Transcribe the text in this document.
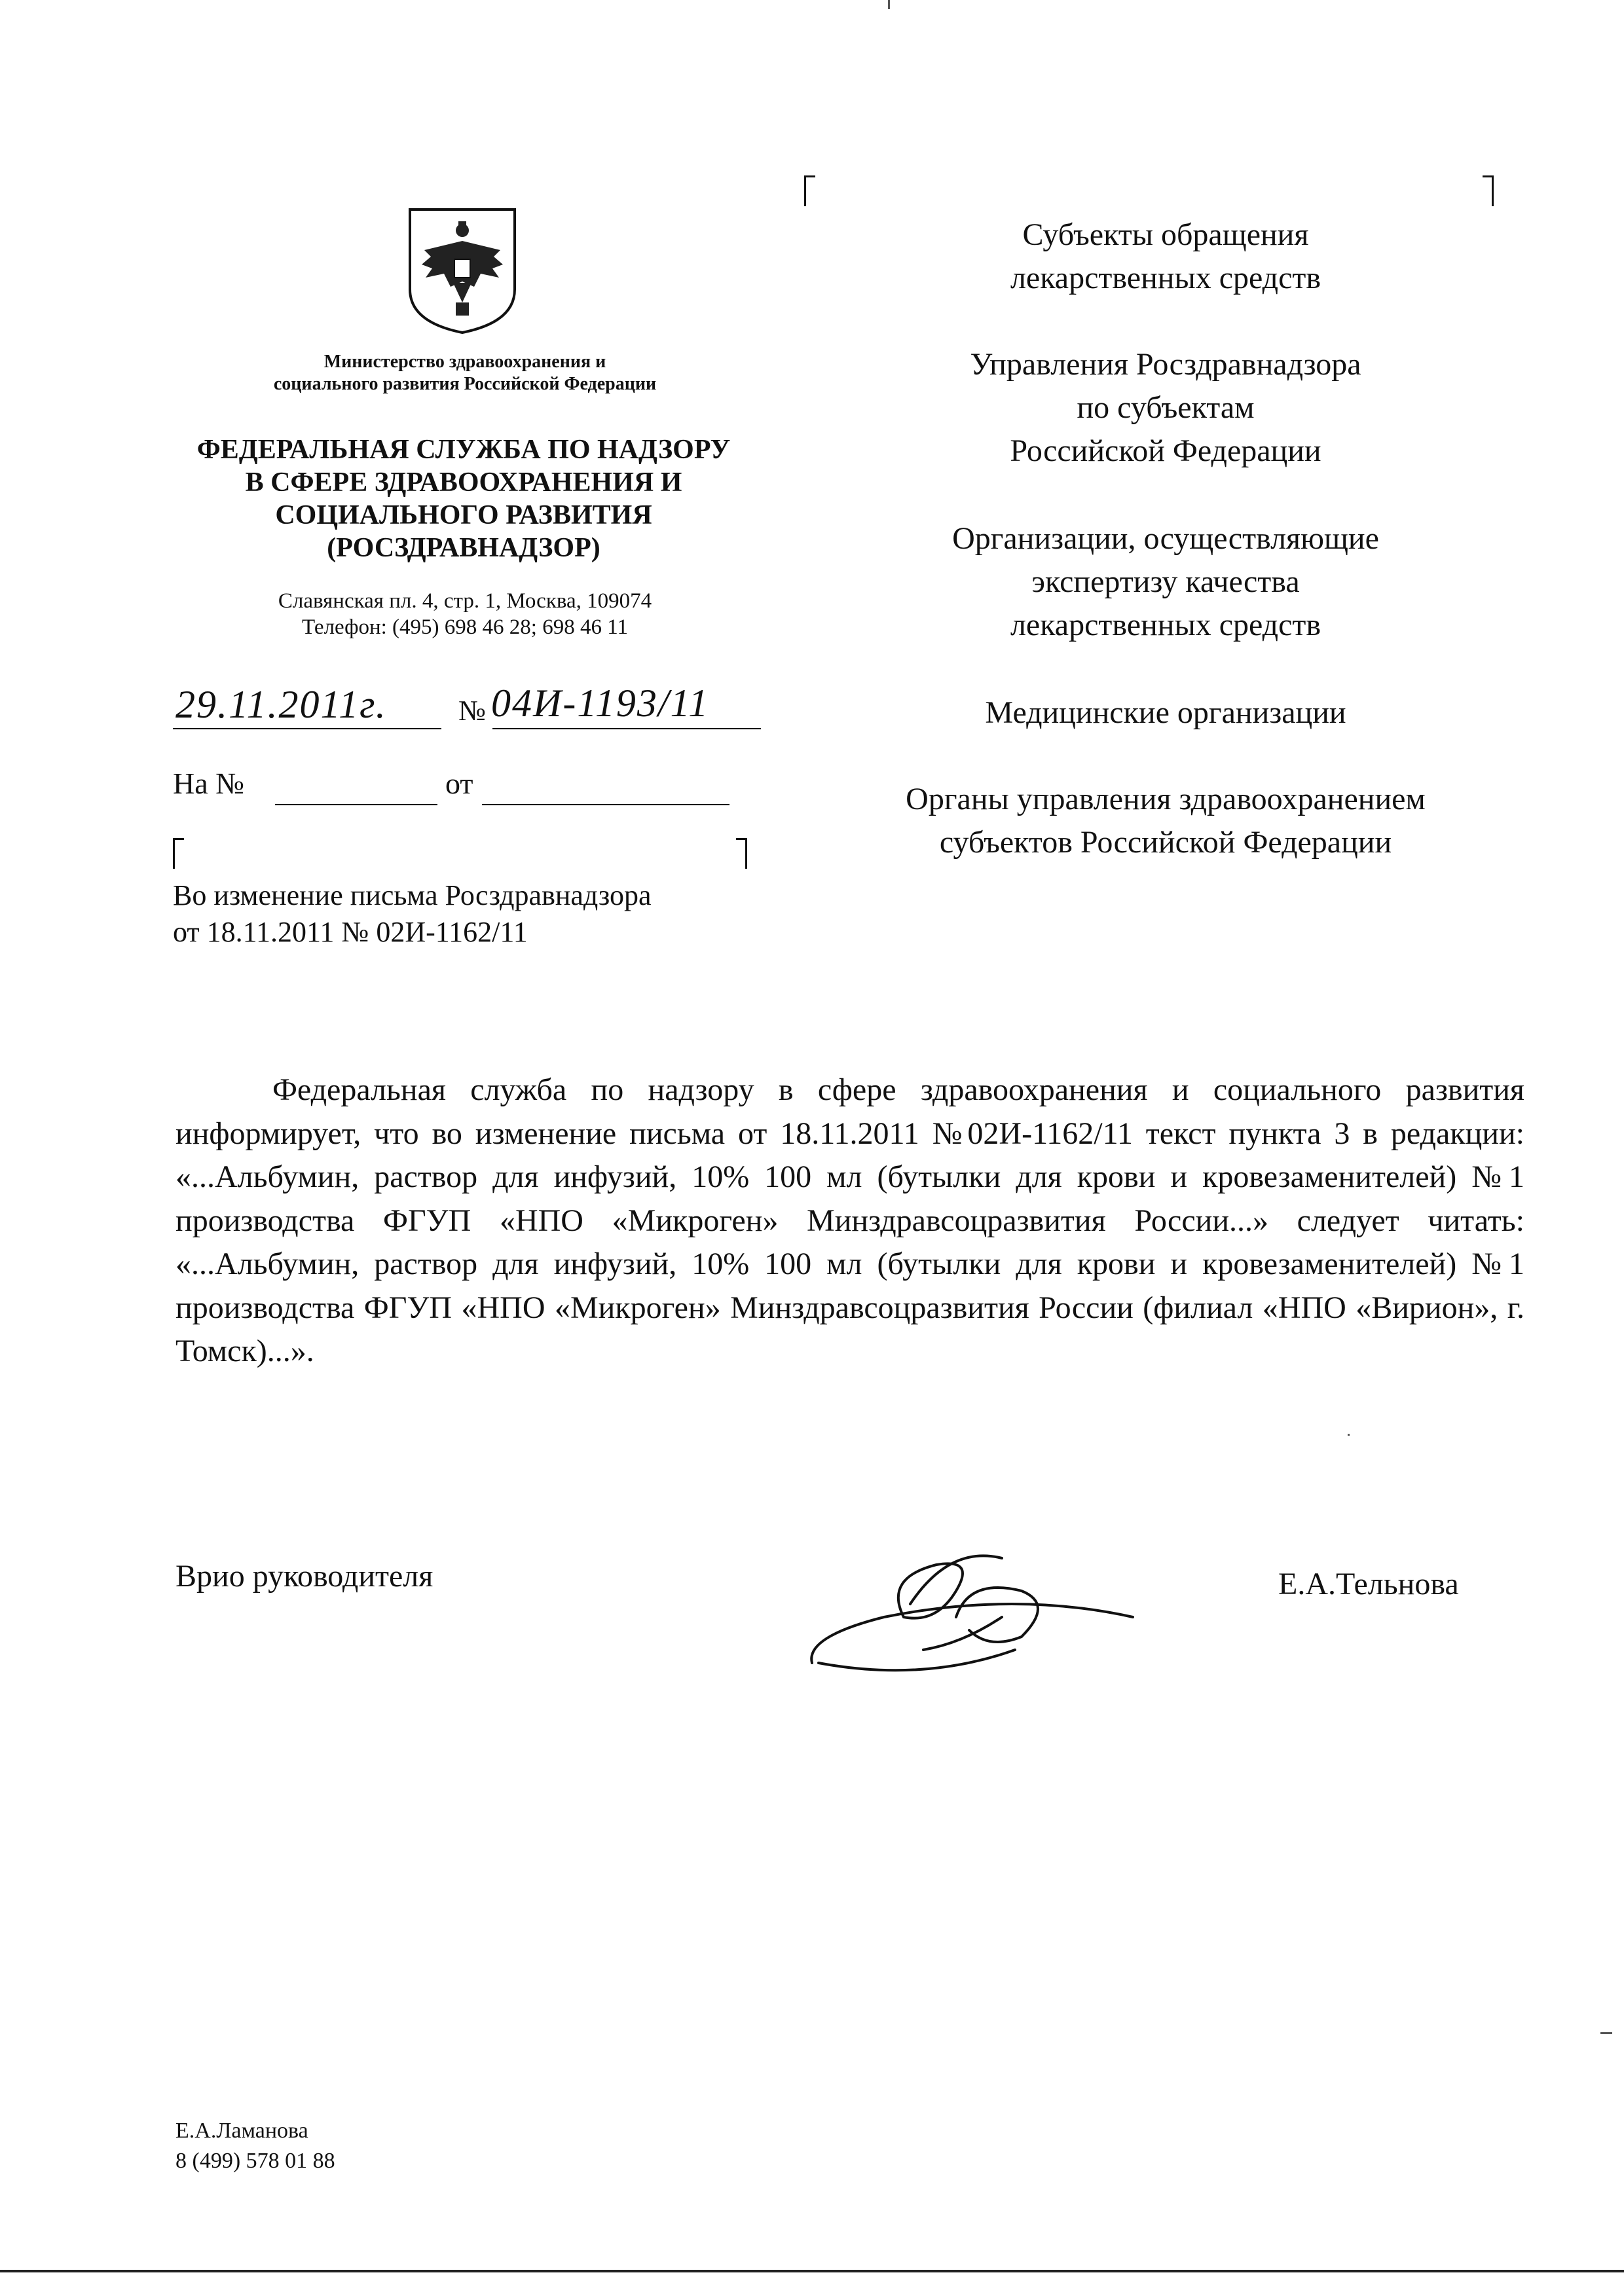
Министерство здравоохранения и
социального развития Российской Федерации
ФЕДЕРАЛЬНАЯ СЛУЖБА ПО НАДЗОРУ
В СФЕРЕ ЗДРАВООХРАНЕНИЯ И
СОЦИАЛЬНОГО РАЗВИТИЯ
(РОСЗДРАВНАДЗОР)
Славянская пл. 4, стр. 1, Москва, 109074
Телефон: (495) 698 46 28; 698 46 11
29.11.2011г.	№ 04И-1193/11
На №	от
Во изменение письма Росздравнадзора
от 18.11.2011 № 02И-1162/11
Субъекты обращения
лекарственных средств
Управления Росздравнадзора
по субъектам
Российской Федерации
Организации, осуществляющие
экспертизу качества
лекарственных средств
Медицинские организации
Органы управления здравоохранением
субъектов Российской Федерации
Федеральная служба по надзору в сфере здравоохранения и социального развития информирует, что во изменение письма от 18.11.2011 №02И-1162/11 текст пункта 3 в редакции: «...Альбумин, раствор для инфузий, 10% 100 мл (бутылки для крови и кровезаменителей) №1 производства ФГУП «НПО «Микроген» Минздравсоцразвития России...» следует читать: «...Альбумин, раствор для инфузий, 10% 100 мл (бутылки для крови и кровезаменителей) №1 производства ФГУП «НПО «Микроген» Минздравсоцразвития России (филиал «НПО «Вирион», г. Томск)...».
Врио руководителя	Е.А.Тельнова
Е.А.Ламанова
8 (499) 578 01 88
